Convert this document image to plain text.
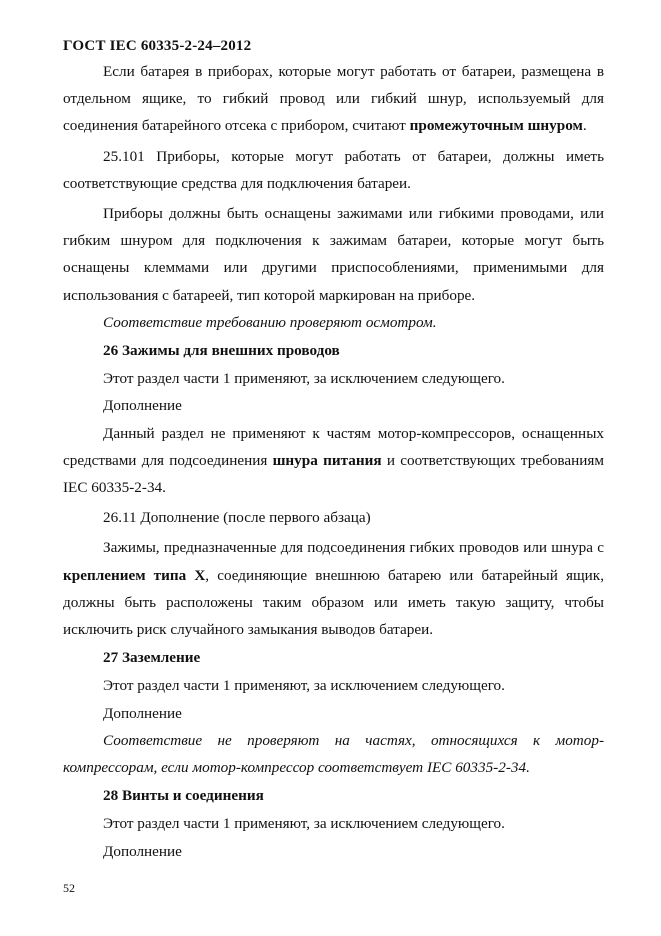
ГОСТ IEC 60335-2-24–2012

Если батарея в приборах, которые могут работать от батареи, размещена в отдельном ящике, то гибкий провод или гибкий шнур, используемый для соединения батарейного отсека с прибором, считают промежуточным шнуром.

25.101 Приборы, которые могут работать от батареи, должны иметь соответствующие средства для подключения батареи.

Приборы должны быть оснащены зажимами или гибкими проводами, или гибким шнуром для подключения к зажимам батареи, которые могут быть оснащены клеммами или другими приспособлениями, применимыми для использования с батареей, тип которой маркирован на приборе.

Соответствие требованию проверяют осмотром.

26 Зажимы для внешних проводов

Этот раздел части 1 применяют, за исключением следующего.

Дополнение

Данный раздел не применяют к частям мотор-компрессоров, оснащенных средствами для подсоединения шнура питания и соответствующих требованиям IEC 60335-2-34.

26.11 Дополнение (после первого абзаца)

Зажимы, предназначенные для подсоединения гибких проводов или шнура с креплением типа X, соединяющие внешнюю батарею или батарейный ящик, должны быть расположены таким образом или иметь такую защиту, чтобы исключить риск случайного замыкания выводов батареи.

27 Заземление

Этот раздел части 1 применяют, за исключением следующего.

Дополнение

Соответствие не проверяют на частях, относящихся к мотор-компрессорам, если мотор-компрессор соответствует IEC 60335-2-34.

28 Винты и соединения

Этот раздел части 1 применяют, за исключением следующего.

Дополнение

52
